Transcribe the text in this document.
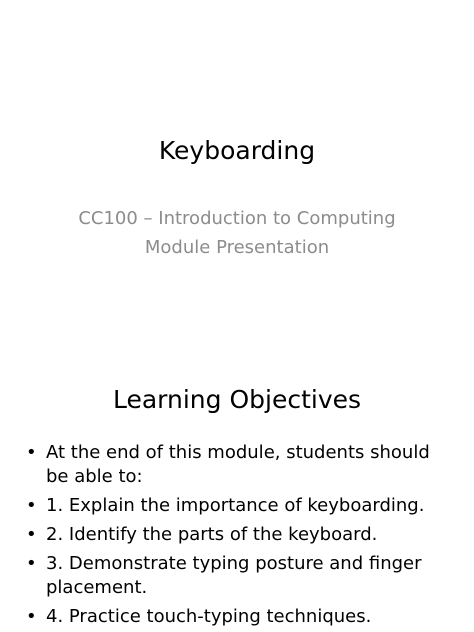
Keyboarding
CC100 – Introduction to Computing
Module Presentation
Learning Objectives
• At the end of this module, students should be able to:
• 1. Explain the importance of keyboarding.
• 2. Identify the parts of the keyboard.
• 3. Demonstrate typing posture and finger placement.
• 4. Practice touch-typing techniques.
